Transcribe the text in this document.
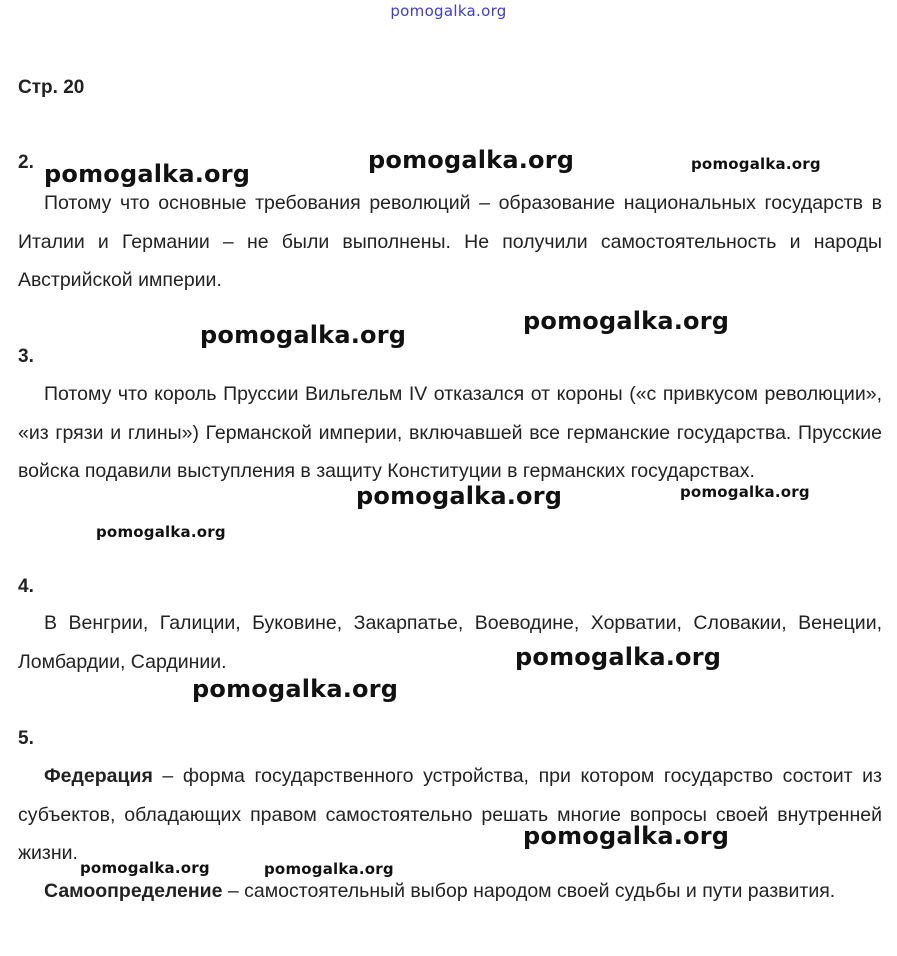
pomogalka.org
Стр. 20
2.

Потому что основные требования революций – образование национальных государств в Италии и Германии – не были выполнены. Не получили самостоятельность и народы Австрийской империи.

3.

Потому что король Пруссии Вильгельм IV отказался от короны («с привкусом революции», «из грязи и глины») Германской империи, включавшей все германские государства. Прусские войска подавили выступления в защиту Конституции в германских государствах.

4.

В Венгрии, Галиции, Буковине, Закарпатье, Воеводине, Хорватии, Словакии, Венеции, Ломбардии, Сардинии.

5.

Федерация – форма государственного устройства, при котором государство состоит из субъектов, обладающих правом самостоятельно решать многие вопросы своей внутренней жизни.

Самоопределение – самостоятельный выбор народом своей судьбы и пути развития.

pomogalka.org	pomogalka.org	pomogalka.org
pomogalka.org	pomogalka.org
pomogalka.org	pomogalka.org
pomogalka.org
pomogalka.org
pomogalka.org
pomogalka.org
pomogalka.org	pomogalka.org
